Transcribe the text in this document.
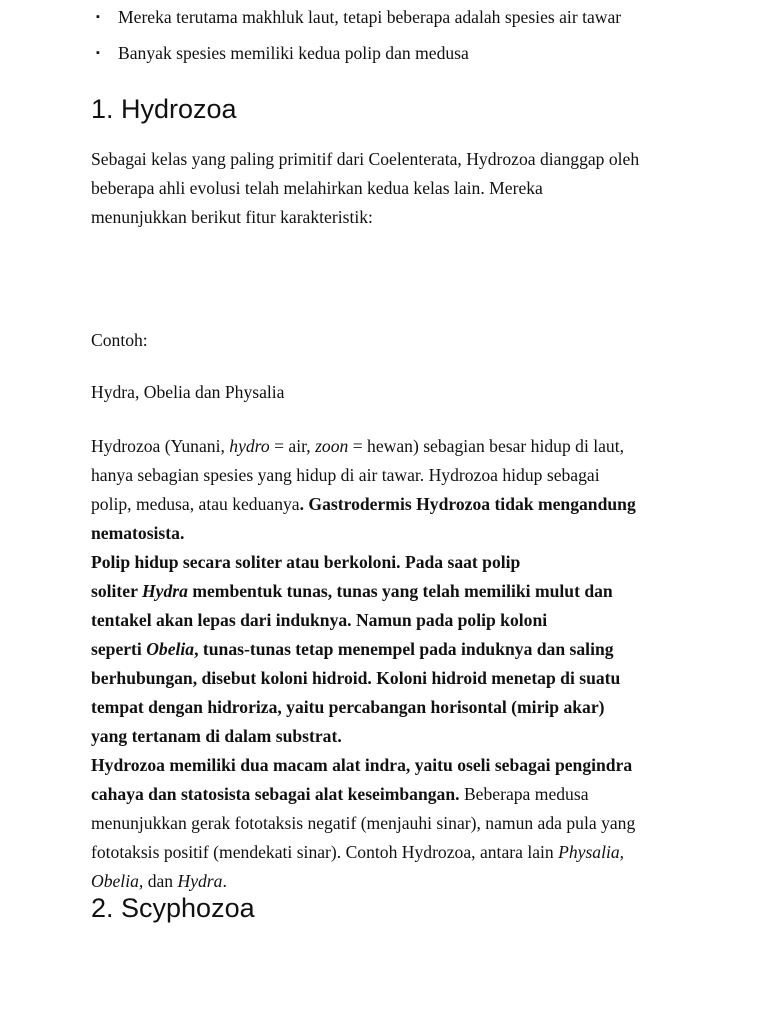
1. Hydrozoa

Sebagai kelas yang paling primitif dari Coelenterata, Hydrozoa dianggap oleh
beberapa ahli evolusi telah melahirkan kedua kelas lain. Mereka
menunjukkan berikut fitur karakteristik:

▪ Mereka terutama makhluk laut, tetapi beberapa adalah spesies air tawar
▪ Banyak spesies memiliki kedua polip dan medusa

Contoh:

Hydra, Obelia dan Physalia

Hydrozoa (Yunani, hydro = air, zoon = hewan) sebagian besar hidup di laut,
hanya sebagian spesies yang hidup di air tawar. Hydrozoa hidup sebagai
polip, medusa, atau keduanya. Gastrodermis Hydrozoa tidak mengandung
nematosista.
Polip hidup secara soliter atau berkoloni. Pada saat polip
soliter Hydra membentuk tunas, tunas yang telah memiliki mulut dan
tentakel akan lepas dari induknya. Namun pada polip koloni
seperti Obelia, tunas-tunas tetap menempel pada induknya dan saling
berhubungan, disebut koloni hidroid. Koloni hidroid menetap di suatu
tempat dengan hidroriza, yaitu percabangan horisontal (mirip akar)
yang tertanam di dalam substrat.
Hydrozoa memiliki dua macam alat indra, yaitu oseli sebagai pengindra
cahaya dan statosista sebagai alat keseimbangan. Beberapa medusa
menunjukkan gerak fototaksis negatif (menjauhi sinar), namun ada pula yang
fototaksis positif (mendekati sinar). Contoh Hydrozoa, antara lain Physalia,
Obelia, dan Hydra.

2. Scyphozoa
